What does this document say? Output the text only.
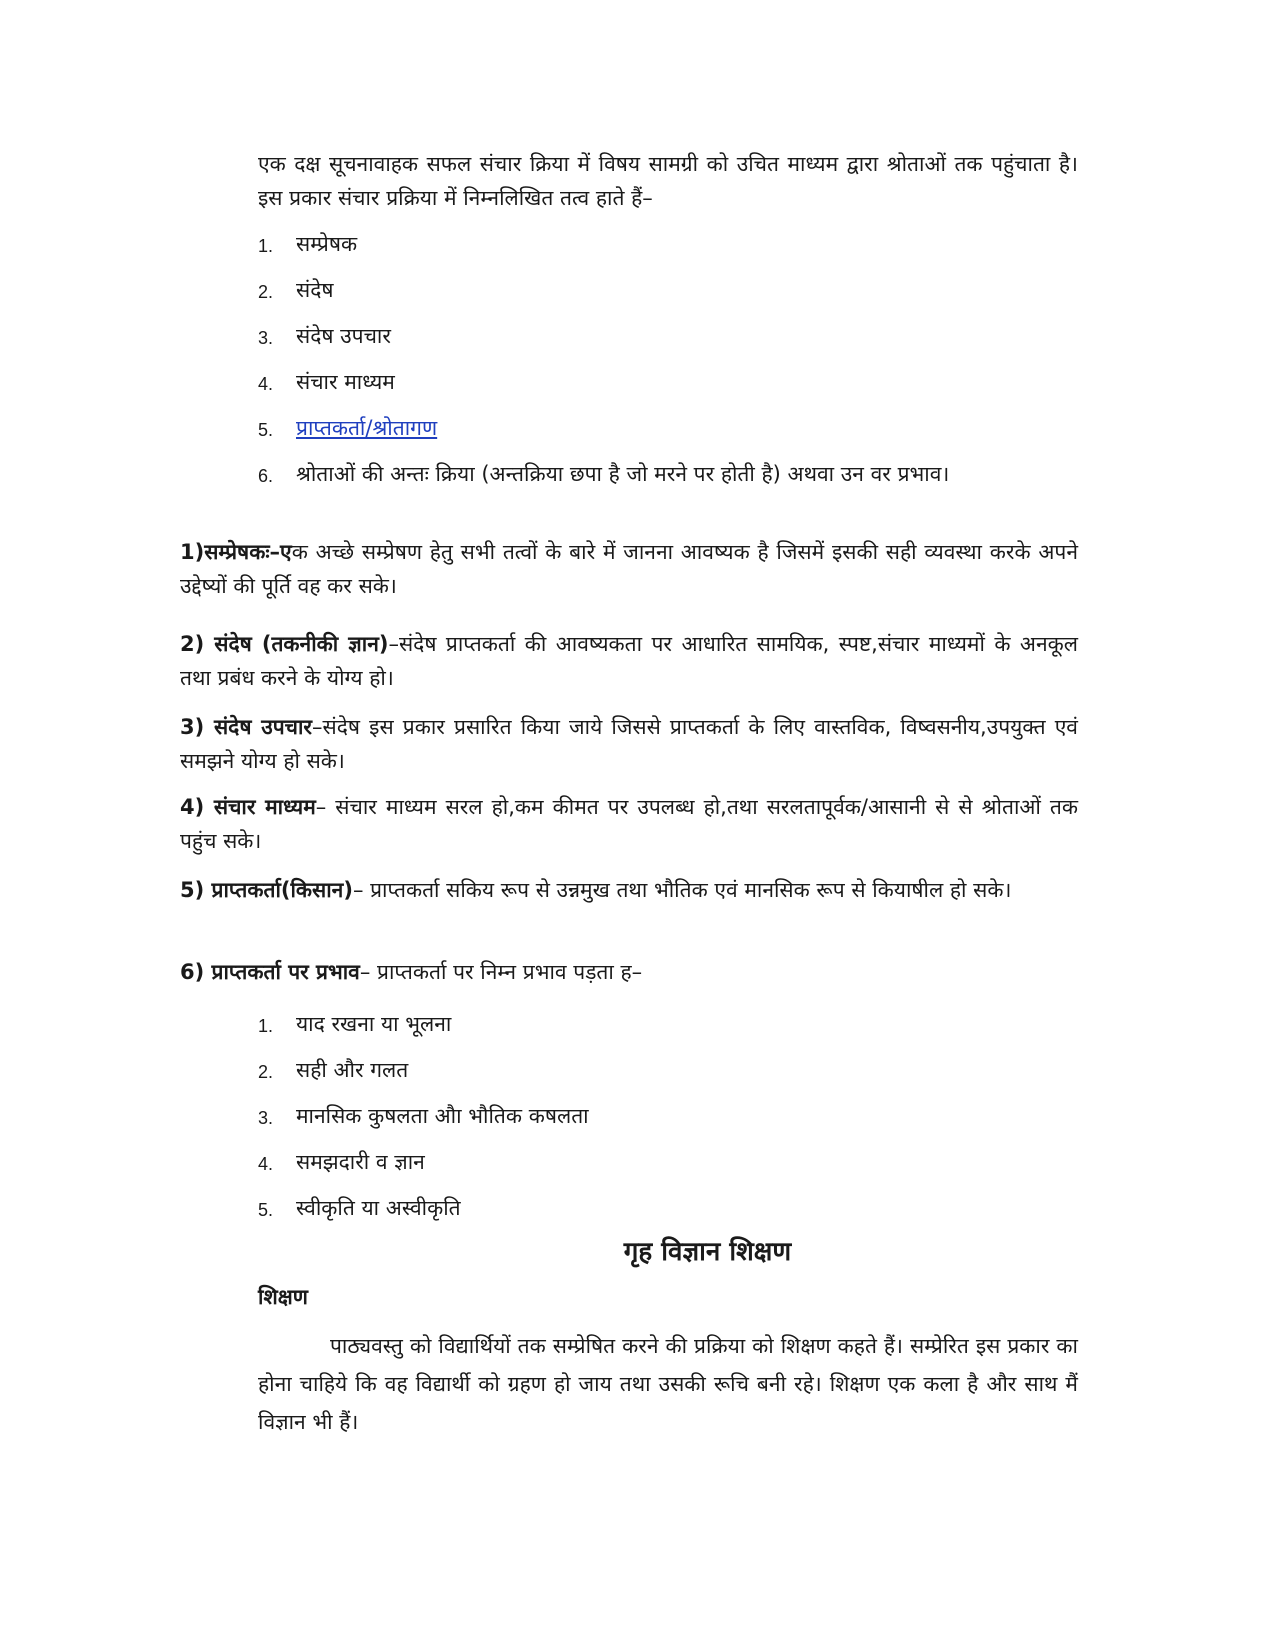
एक दक्ष सूचनावाहक सफल संचार क्रिया में विषय सामग्री को उचित माध्यम द्वारा श्रोताओं तक पहुंचाता है। इस प्रकार संचार प्रक्रिया में निम्नलिखित तत्व हाते हैं–

1. सम्प्रेषक
2. संदेष
3. संदेष उपचार
4. संचार माध्यम
5. प्राप्तकर्ता/श्रोतागण
6. श्रोताओं की अन्तः क्रिया (अन्तक्रिया छपा है जो मरने पर होती है) अथवा उन वर प्रभाव।

1)सम्प्रेषकः–एक अच्छे सम्प्रेषण हेतु सभी तत्वों के बारे में जानना आवष्यक है जिसमें इसकी सही व्यवस्था करके अपने उद्देष्यों की पूर्ति वह कर सके।

2) संदेष (तकनीकी ज्ञान)–संदेष प्राप्तकर्ता की आवष्यकता पर आधारित सामयिक, स्पष्ट,संचार माध्यमों के अनकूल तथा प्रबंध करने के योग्य हो।

3) संदेष उपचार–संदेष इस प्रकार प्रसारित किया जाये जिससे प्राप्तकर्ता के लिए वास्तविक, विष्वसनीय,उपयुक्त एवं समझने योग्य हो सके।

4) संचार माध्यम– संचार माध्यम सरल हो,कम कीमत पर उपलब्ध हो,तथा सरलतापूर्वक/आसानी से से श्रोताओं तक पहुंच सके।

5) प्राप्तकर्ता(किसान)– प्राप्तकर्ता सकिय रूप से उन्नमुख तथा भौतिक एवं मानसिक रूप से कियाषील हो सके।

6) प्राप्तकर्ता पर प्रभाव– प्राप्तकर्ता पर निम्न प्रभाव पड़ता ह–

1. याद रखना या भूलना
2. सही और गलत
3. मानसिक कुषलता औा भौतिक कषलता
4. समझदारी व ज्ञान
5. स्वीकृति या अस्वीकृति
गृह विज्ञान शिक्षण
शिक्षण

पाठ्यवस्तु को विद्यार्थियों तक सम्प्रेषित करने की प्रक्रिया को शिक्षण कहते हैं। सम्प्रेरित इस प्रकार का होना चाहिये कि वह विद्यार्थी को ग्रहण हो जाय तथा उसकी रूचि बनी रहे। शिक्षण एक कला है और साथ मैं विज्ञान भी हैं।
